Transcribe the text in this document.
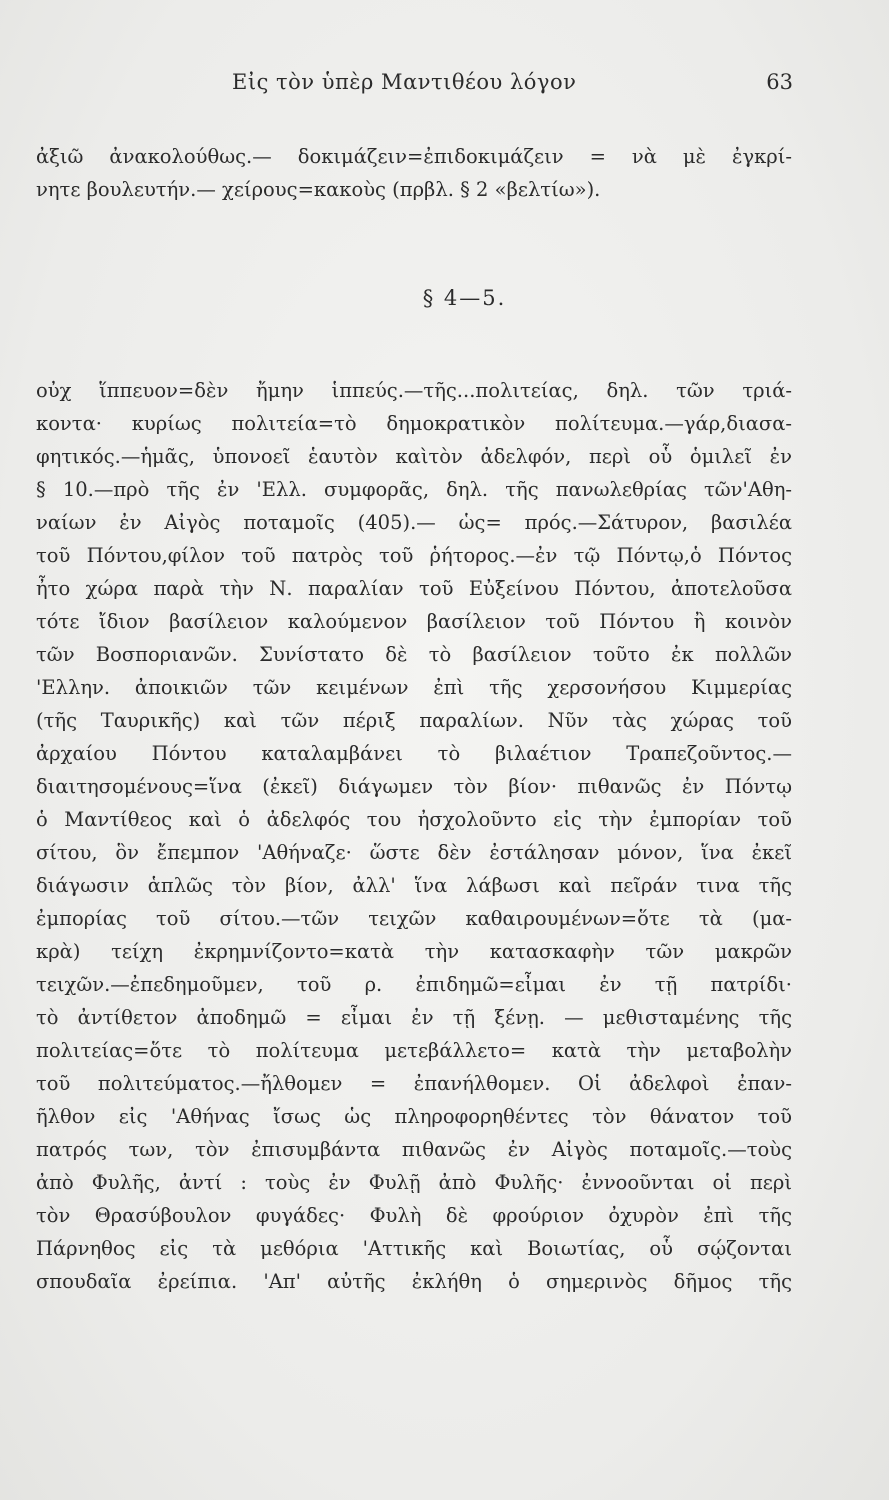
Εἰς τὸν ὑπὲρ Μαντιθέου λόγον	63
ἀξιῶ ἀνακολούθως.— δοκιμάζειν=ἐπιδοκιμάζειν = νὰ μὲ ἐγκρί-
νητε βουλευτήν.— χείρους=κακοὺς (πρβλ. § 2 «βελτίω»).
§ 4—5.
οὐχ ἵππευον=δὲν ἤμην ἱππεύς.—τῆς...πολιτείας, δηλ. τῶν τριά-
κοντα· κυρίως πολιτεία=τὸ δημοκρατικὸν πολίτευμα.—γάρ,διασα-
φητικός.—ἡμᾶς, ὑπονοεῖ ἑαυτὸν καὶτὸν ἀδελφόν, περὶ οὗ ὁμιλεῖ ἐν
§ 10.—πρὸ τῆς ἐν 'Ελλ. συμφορᾶς, δηλ. τῆς πανωλεθρίας τῶν'Αθη-
ναίων ἐν Αἰγὸς ποταμοῖς (405).— ὡς= πρός.—Σάτυρον, βασιλέα
τοῦ Πόντου,φίλον τοῦ πατρὸς τοῦ ῥήτορος.—ἐν τῷ Πόντῳ,ὁ Πόντος
ἦτο χώρα παρὰ τὴν Ν. παραλίαν τοῦ Εὐξείνου Πόντου, ἀποτελοῦσα
τότε ἴδιον βασίλειον καλούμενον βασίλειον τοῦ Πόντου ἢ κοινὸν
τῶν Βοσποριανῶν. Συνίστατο δὲ τὸ βασίλειον τοῦτο ἐκ πολλῶν
'Ελλην. ἀποικιῶν τῶν κειμένων ἐπὶ τῆς χερσονήσου Κιμμερίας
(τῆς Ταυρικῆς) καὶ τῶν πέριξ παραλίων. Νῦν τὰς χώρας τοῦ
ἀρχαίου Πόντου καταλαμβάνει τὸ βιλαέτιον Τραπεζοῦντος.—
διαιτησομένους=ἵνα (ἐκεῖ) διάγωμεν τὸν βίον· πιθανῶς ἐν Πόντῳ
ὁ Μαντίθεος καὶ ὁ ἀδελφός του ἠσχολοῦντο εἰς τὴν ἐμπορίαν τοῦ
σίτου, ὃν ἔπεμπον 'Αθήναζε· ὥστε δὲν ἐστάλησαν μόνον, ἵνα ἐκεῖ
διάγωσιν ἁπλῶς τὸν βίον, ἀλλ' ἵνα λάβωσι καὶ πεῖράν τινα τῆς
ἐμπορίας τοῦ σίτου.—τῶν τειχῶν καθαιρουμένων=ὅτε τὰ (μα-
κρὰ) τείχη ἐκρημνίζοντο=κατὰ τὴν κατασκαφὴν τῶν μακρῶν
τειχῶν.—ἐπεδημοῦμεν, τοῦ ρ. ἐπιδημῶ=εἶμαι ἐν τῇ πατρίδι·
τὸ ἀντίθετον ἀποδημῶ = εἶμαι ἐν τῇ ξένῃ. — μεθισταμένης τῆς
πολιτείας=ὅτε τὸ πολίτευμα μετεβάλλετο= κατὰ τὴν μεταβολὴν
τοῦ πολιτεύματος.—ἤλθομεν = ἐπανήλθομεν. Οἱ ἀδελφοὶ ἐπαν-
ῆλθον εἰς 'Αθήνας ἴσως ὡς πληροφορηθέντες τὸν θάνατον τοῦ
πατρός των, τὸν ἐπισυμβάντα πιθανῶς ἐν Αἰγὸς ποταμοῖς.—τοὺς
ἀπὸ Φυλῆς, ἀντί : τοὺς ἐν Φυλῇ ἀπὸ Φυλῆς· ἐννοοῦνται οἱ περὶ
τὸν Θρασύβουλον φυγάδες· Φυλὴ δὲ φρούριον ὀχυρὸν ἐπὶ τῆς
Πάρνηθος εἰς τὰ μεθόρια 'Αττικῆς καὶ Βοιωτίας, οὗ σῴζονται
σπουδαῖα ἐρείπια. 'Απ' αὐτῆς ἐκλήθη ὁ σημερινὸς δῆμος τῆς
